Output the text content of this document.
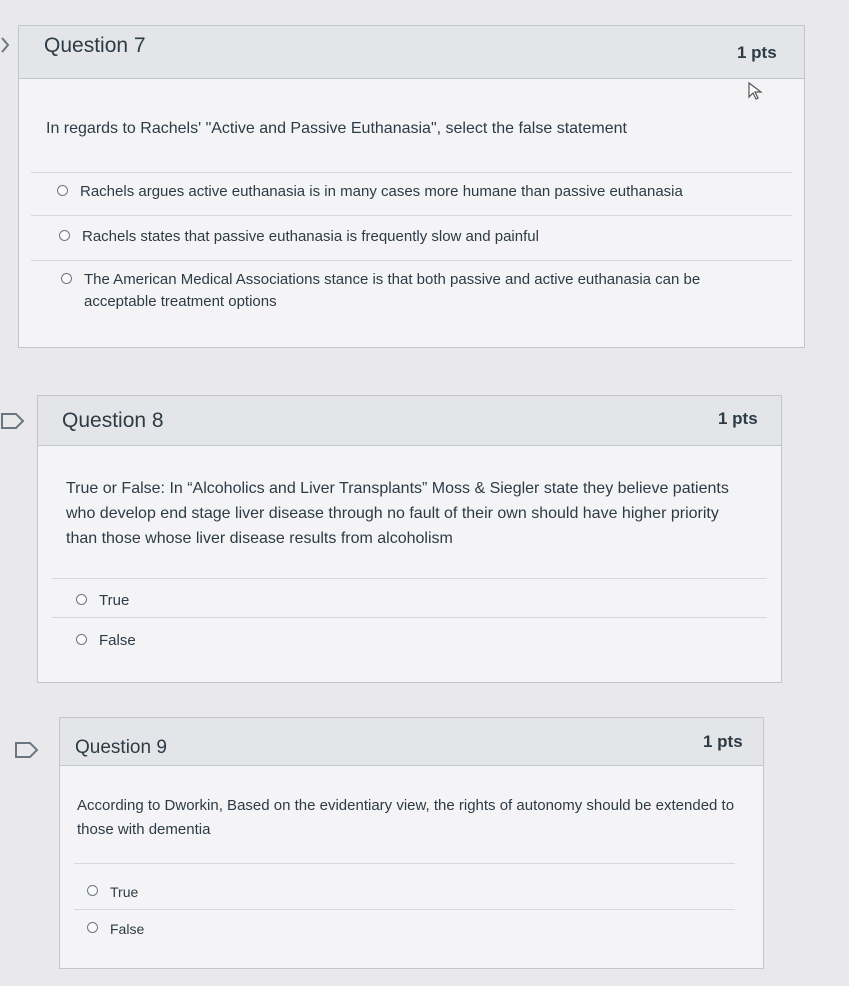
Question 7	1 pts
In regards to Rachels' "Active and Passive Euthanasia", select the false statement
Rachels argues active euthanasia is in many cases more humane than passive euthanasia
Rachels states that passive euthanasia is frequently slow and painful
The American Medical Associations stance is that both passive and active euthanasia can be acceptable treatment options
Question 8	1 pts
True or False: In “Alcoholics and Liver Transplants” Moss & Siegler state they believe patients who develop end stage liver disease through no fault of their own should have higher priority than those whose liver disease results from alcoholism
True
False
Question 9	1 pts
According to Dworkin, Based on the evidentiary view, the rights of autonomy should be extended to those with dementia
True
False
